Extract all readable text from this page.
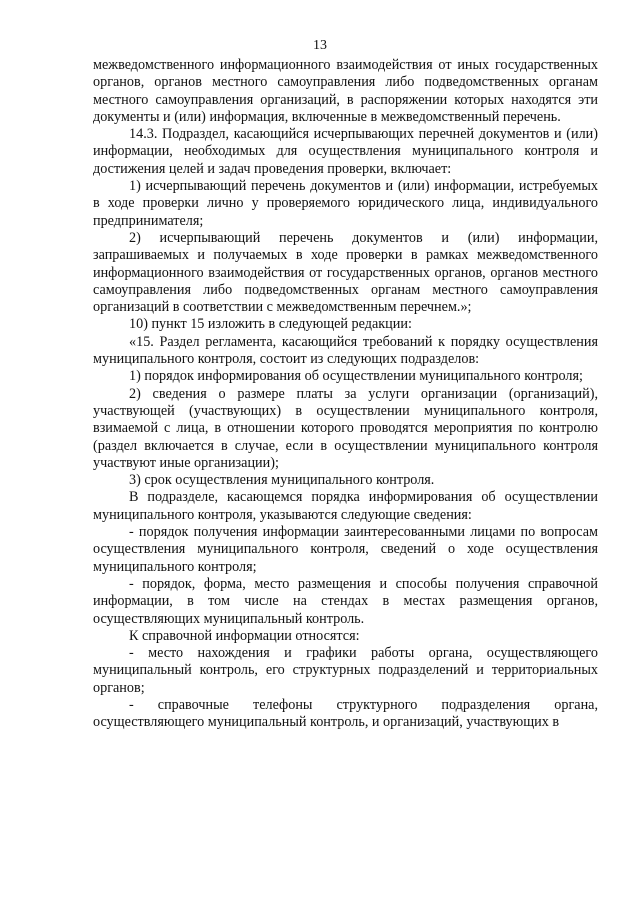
13

межведомственного информационного взаимодействия от иных государственных органов, органов местного самоуправления либо подведомственных органам местного самоуправления организаций, в распоряжении которых находятся эти документы и (или) информация, включенные в межведомственный перечень.

14.3. Подраздел, касающийся исчерпывающих перечней документов и (или) информации, необходимых для осуществления муниципального контроля и достижения целей и задач проведения проверки, включает:

1) исчерпывающий перечень документов и (или) информации, истребуемых в ходе проверки лично у проверяемого юридического лица, индивидуального предпринимателя;

2) исчерпывающий перечень документов и (или) информации, запрашиваемых и получаемых в ходе проверки в рамках межведомственного информационного взаимодействия от государственных органов, органов местного самоуправления либо подведомственных органам местного самоуправления организаций в соответствии с межведомственным перечнем.»;

10) пункт 15 изложить в следующей редакции:

«15. Раздел регламента, касающийся требований к порядку осуществления муниципального контроля, состоит из следующих подразделов:

1) порядок информирования об осуществлении муниципального контроля;

2) сведения о размере платы за услуги организации (организаций), участвующей (участвующих) в осуществлении муниципального контроля, взимаемой с лица, в отношении которого проводятся мероприятия по контролю (раздел включается в случае, если в осуществлении муниципального контроля участвуют иные организации);

3) срок осуществления муниципального контроля.

В подразделе, касающемся порядка информирования об осуществлении муниципального контроля, указываются следующие сведения:

- порядок получения информации заинтересованными лицами по вопросам осуществления муниципального контроля, сведений о ходе осуществления муниципального контроля;

- порядок, форма, место размещения и способы получения справочной информации, в том числе на стендах в местах размещения органов, осуществляющих муниципальный контроль.

К справочной информации относятся:

- место нахождения и графики работы органа, осуществляющего муниципальный контроль, его структурных подразделений и территориальных органов;

- справочные телефоны структурного подразделения органа, осуществляющего муниципальный контроль, и организаций, участвующих в
